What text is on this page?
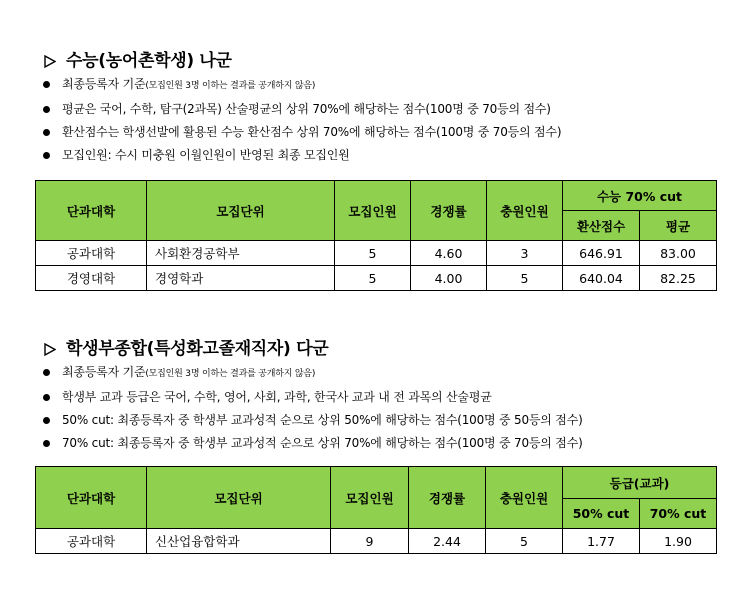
수능(농어촌학생) 나군
최종등록자 기준(모집인원 3명 이하는 결과를 공개하지 않음)
평균은 국어, 수학, 탐구(2과목) 산술평균의 상위 70%에 해당하는 점수(100명 중 70등의 점수)
환산점수는 학생선발에 활용된 수능 환산점수 상위 70%에 해당하는 점수(100명 중 70등의 점수)
모집인원: 수시 미충원 이월인원이 반영된 최종 모집인원
단과대학	모집단위	모집인원	경쟁률	충원인원	수능 70% cut	
					환산점수	평균
공과대학	사회환경공학부	5	4.60	3	646.91	83.00
경영대학	경영학과	5	4.00	5	640.04	82.25
학생부종합(특성화고졸재직자) 다군
최종등록자 기준(모집인원 3명 이하는 결과를 공개하지 않음)
학생부 교과 등급은 국어, 수학, 영어, 사회, 과학, 한국사 교과 내 전 과목의 산술평균
50% cut: 최종등록자 중 학생부 교과성적 순으로 상위 50%에 해당하는 점수(100명 중 50등의 점수)
70% cut: 최종등록자 중 학생부 교과성적 순으로 상위 70%에 해당하는 점수(100명 중 70등의 점수)
단과대학	모집단위	모집인원	경쟁률	충원인원	등급(교과)	
					50% cut	70% cut
공과대학	신산업융합학과	9	2.44	5	1.77	1.90
